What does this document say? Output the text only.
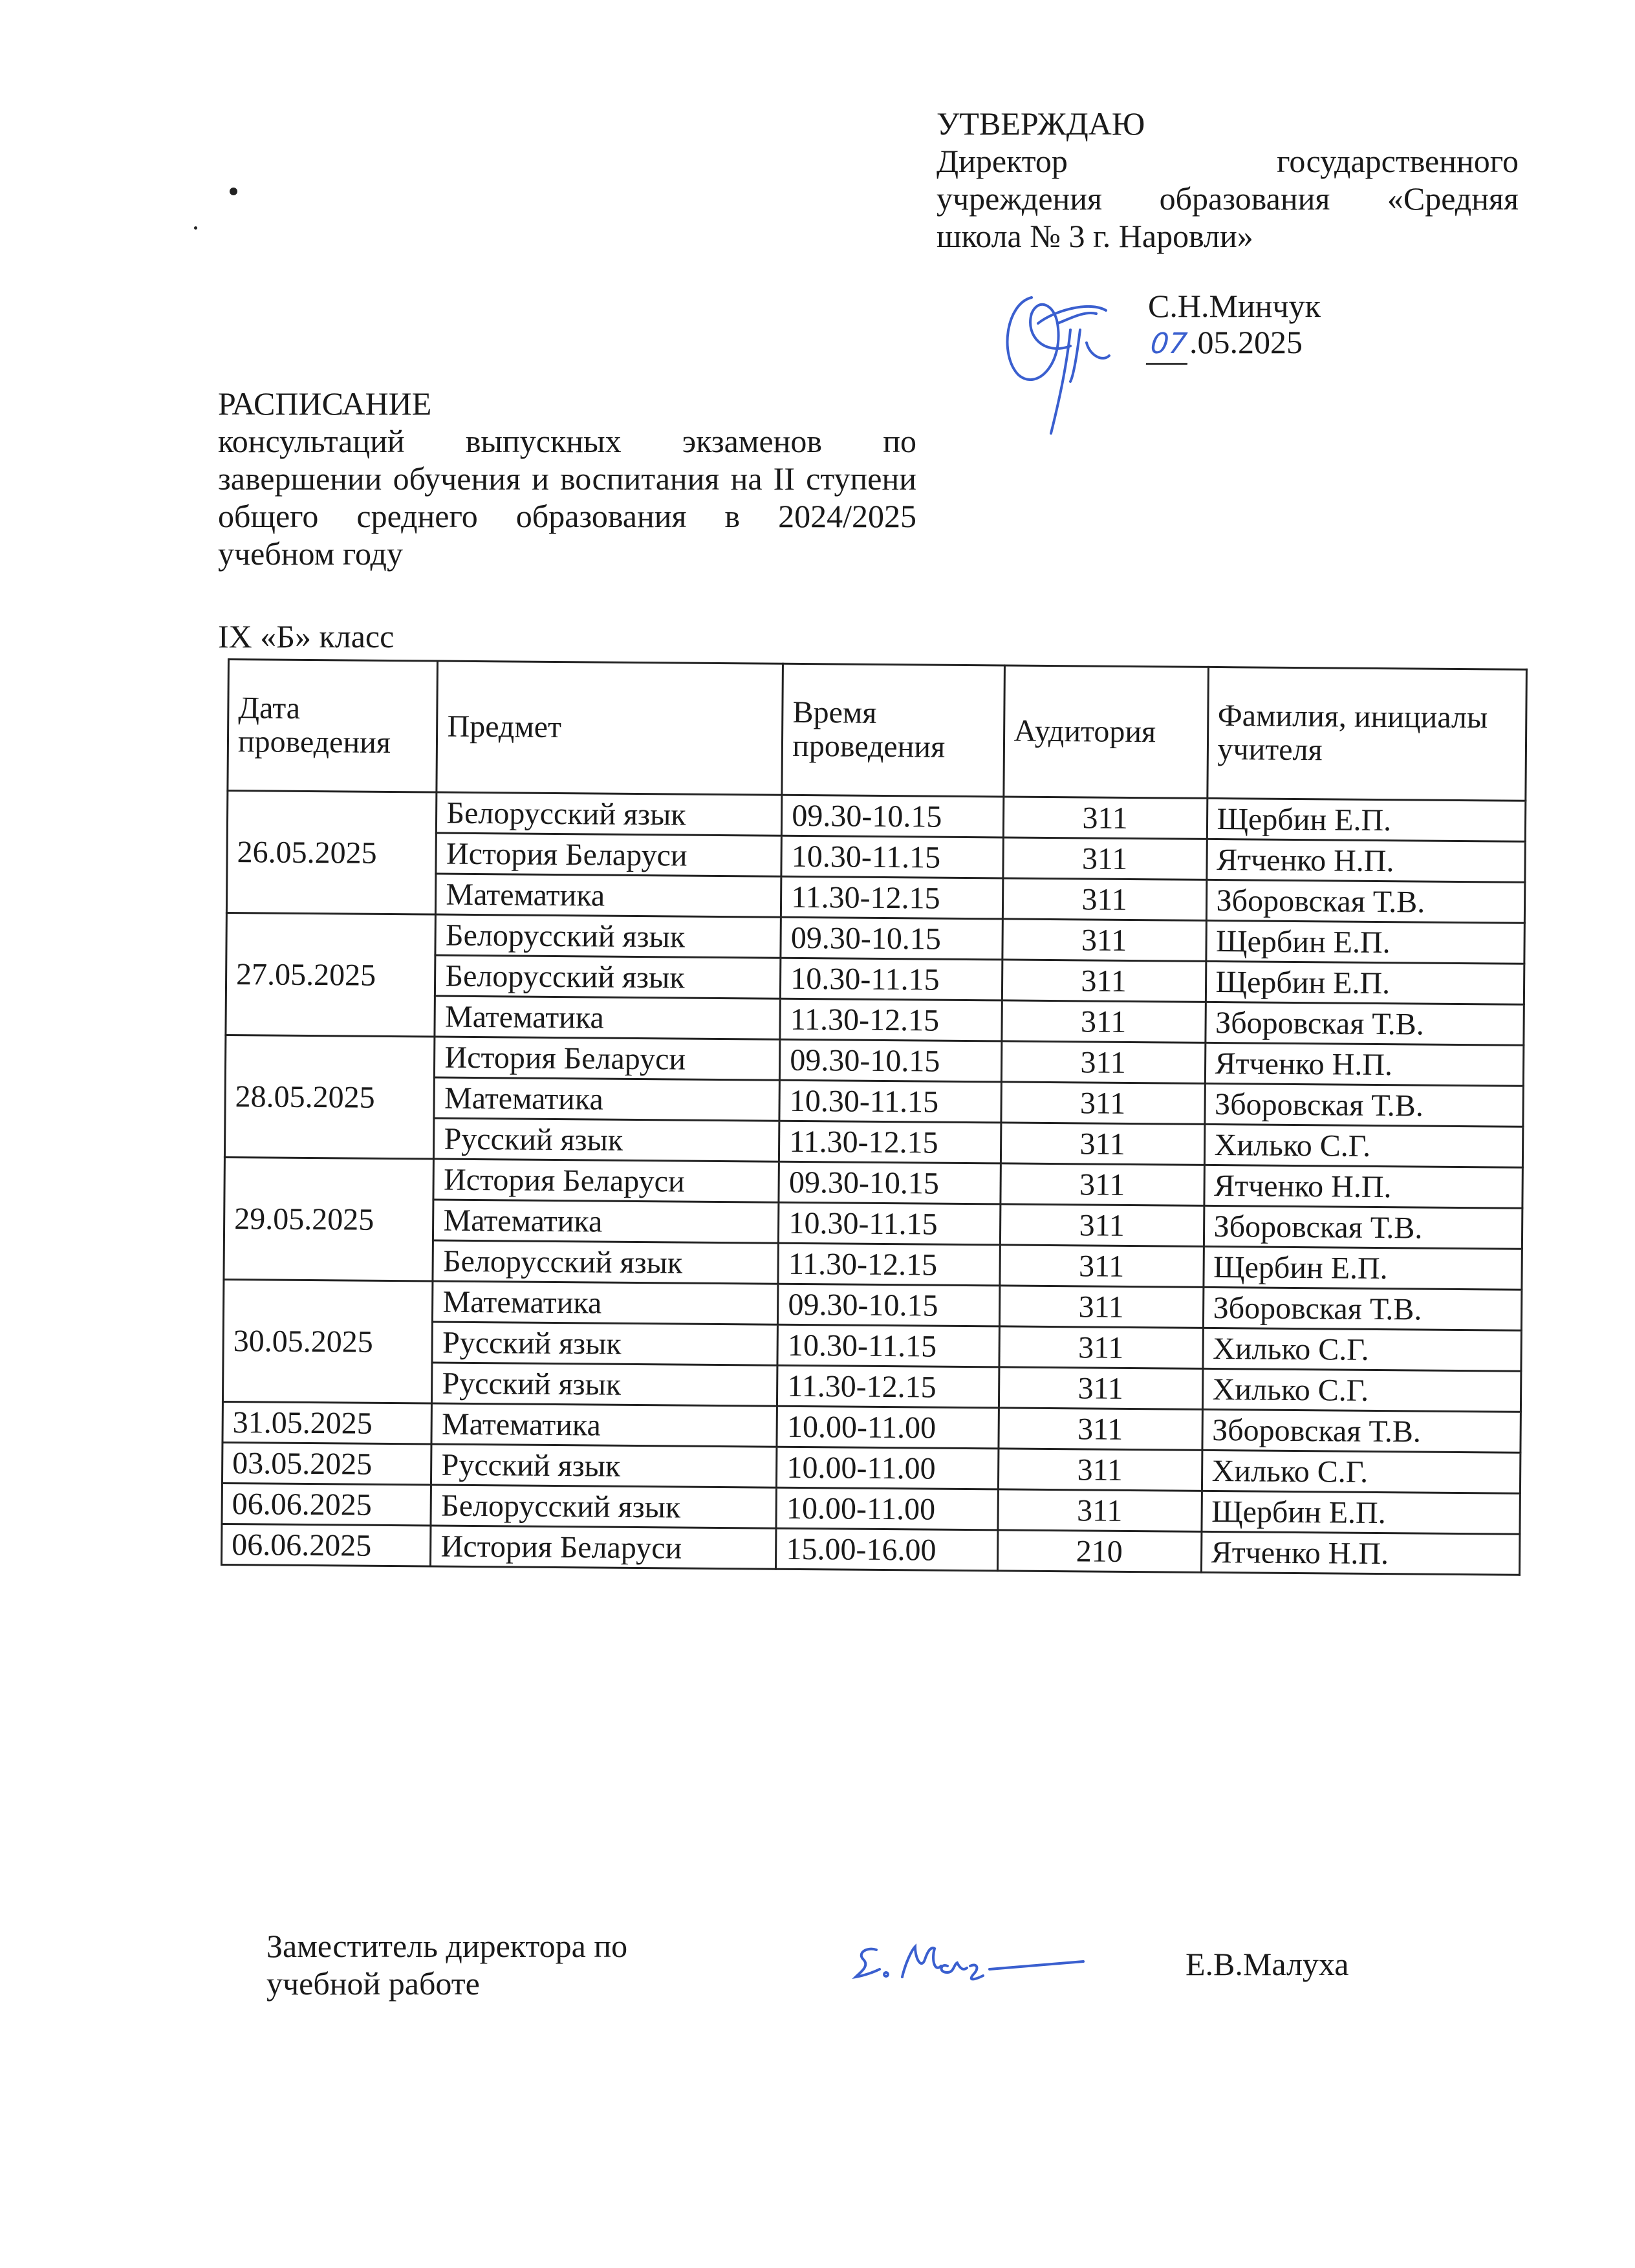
УТВЕРЖДАЮ
Директор	государственного
учреждения образования «Средняя
школа № 3 г. Наровли»
С.Н.Минчук
07.05.2025
РАСПИСАНИЕ
консультаций выпускных экзаменов по завершении обучения и воспитания на II ступени общего среднего образования в 2024/2025 учебном году
IX «Б» класс
Дата проведения	Предмет	Время проведения	Аудитория	Фамилия, инициалы учителя
26.05.2025	Белорусский язык	09.30-10.15	311	Щербин Е.П.
	История Беларуси	10.30-11.15	311	Ятченко Н.П.
	Математика	11.30-12.15	311	Зборовская Т.В.
27.05.2025	Белорусский язык	09.30-10.15	311	Щербин Е.П.
	Белорусский язык	10.30-11.15	311	Щербин Е.П.
	Математика	11.30-12.15	311	Зборовская Т.В.
28.05.2025	История Беларуси	09.30-10.15	311	Ятченко Н.П.
	Математика	10.30-11.15	311	Зборовская Т.В.
	Русский язык	11.30-12.15	311	Хилько С.Г.
29.05.2025	История Беларуси	09.30-10.15	311	Ятченко Н.П.
	Математика	10.30-11.15	311	Зборовская Т.В.
	Белорусский язык	11.30-12.15	311	Щербин Е.П.
30.05.2025	Математика	09.30-10.15	311	Зборовская Т.В.
	Русский язык	10.30-11.15	311	Хилько С.Г.
	Русский язык	11.30-12.15	311	Хилько С.Г.
31.05.2025	Математика	10.00-11.00	311	Зборовская Т.В.
03.05.2025	Русский язык	10.00-11.00	311	Хилько С.Г.
06.06.2025	Белорусский язык	10.00-11.00	311	Щербин Е.П.
06.06.2025	История Беларуси	15.00-16.00	210	Ятченко Н.П.
Заместитель директора по учебной работе
Е.В.Малуха
